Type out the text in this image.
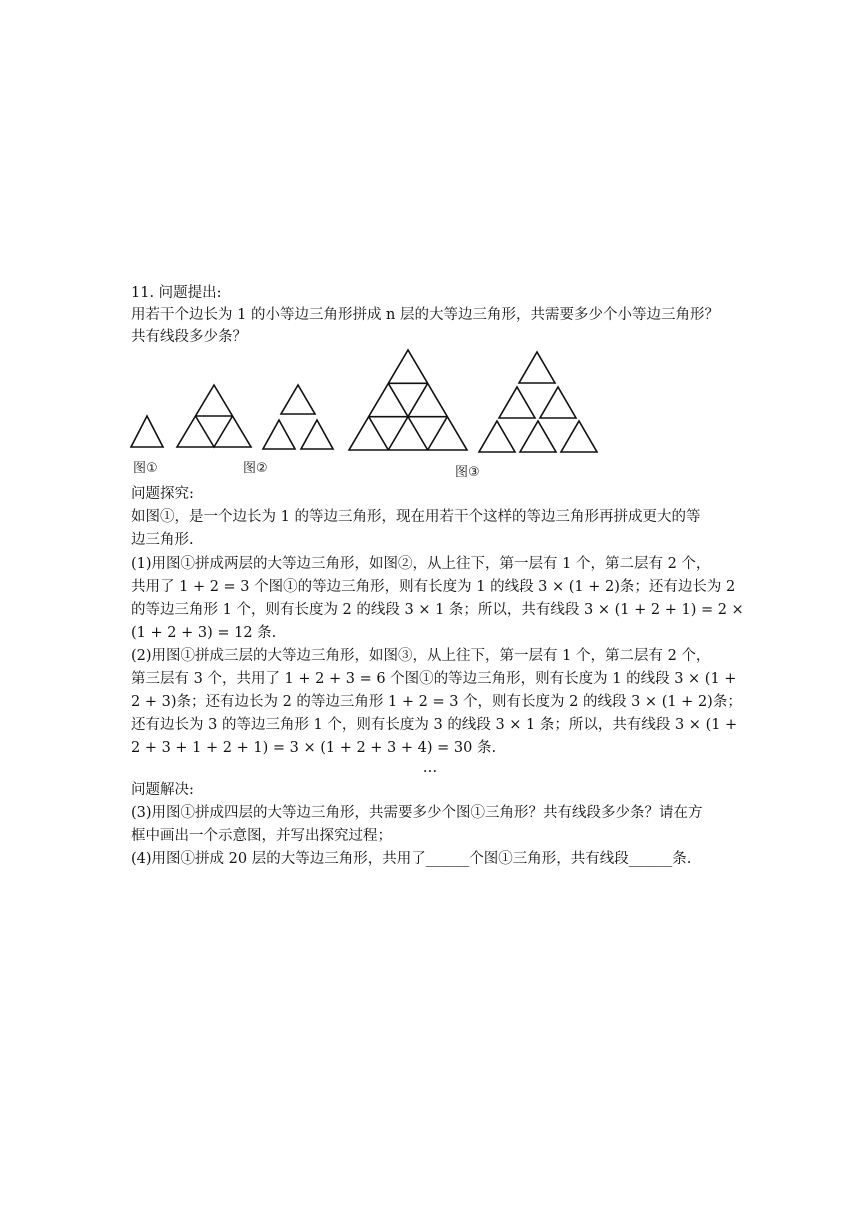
11. 问题提出:
用若干个边长为 1 的小等边三角形拼成 n 层的大等边三角形，共需要多少个小等边三角形？
共有线段多少条？
图①	图②	图③
问题探究:
如图①，是一个边长为 1 的等边三角形，现在用若干个这样的等边三角形再拼成更大的等
边三角形.
(1)用图①拼成两层的大等边三角形，如图②，从上往下，第一层有 1 个，第二层有 2 个，
共用了 1 + 2 = 3 个图①的等边三角形，则有长度为 1 的线段 3 × (1 + 2)条；还有边长为 2
的等边三角形 1 个，则有长度为 2 的线段 3 × 1 条；所以，共有线段 3 × (1 + 2 + 1) = 2 ×
(1 + 2 + 3) = 12 条.
(2)用图①拼成三层的大等边三角形，如图③，从上往下，第一层有 1 个，第二层有 2 个，
第三层有 3 个，共用了 1 + 2 + 3 = 6 个图①的等边三角形，则有长度为 1 的线段 3 × (1 +
2 + 3)条；还有边长为 2 的等边三角形 1 + 2 = 3 个，则有长度为 2 的线段 3 × (1 + 2)条；
还有边长为 3 的等边三角形 1 个，则有长度为 3 的线段 3 × 1 条；所以，共有线段 3 × (1 +
2 + 3 + 1 + 2 + 1) = 3 × (1 + 2 + 3 + 4) = 30 条.
…
问题解决:
(3)用图①拼成四层的大等边三角形，共需要多少个图①三角形？共有线段多少条？请在方
框中画出一个示意图，并写出探究过程；
(4)用图①拼成 20 层的大等边三角形，共用了______个图①三角形，共有线段______条.
